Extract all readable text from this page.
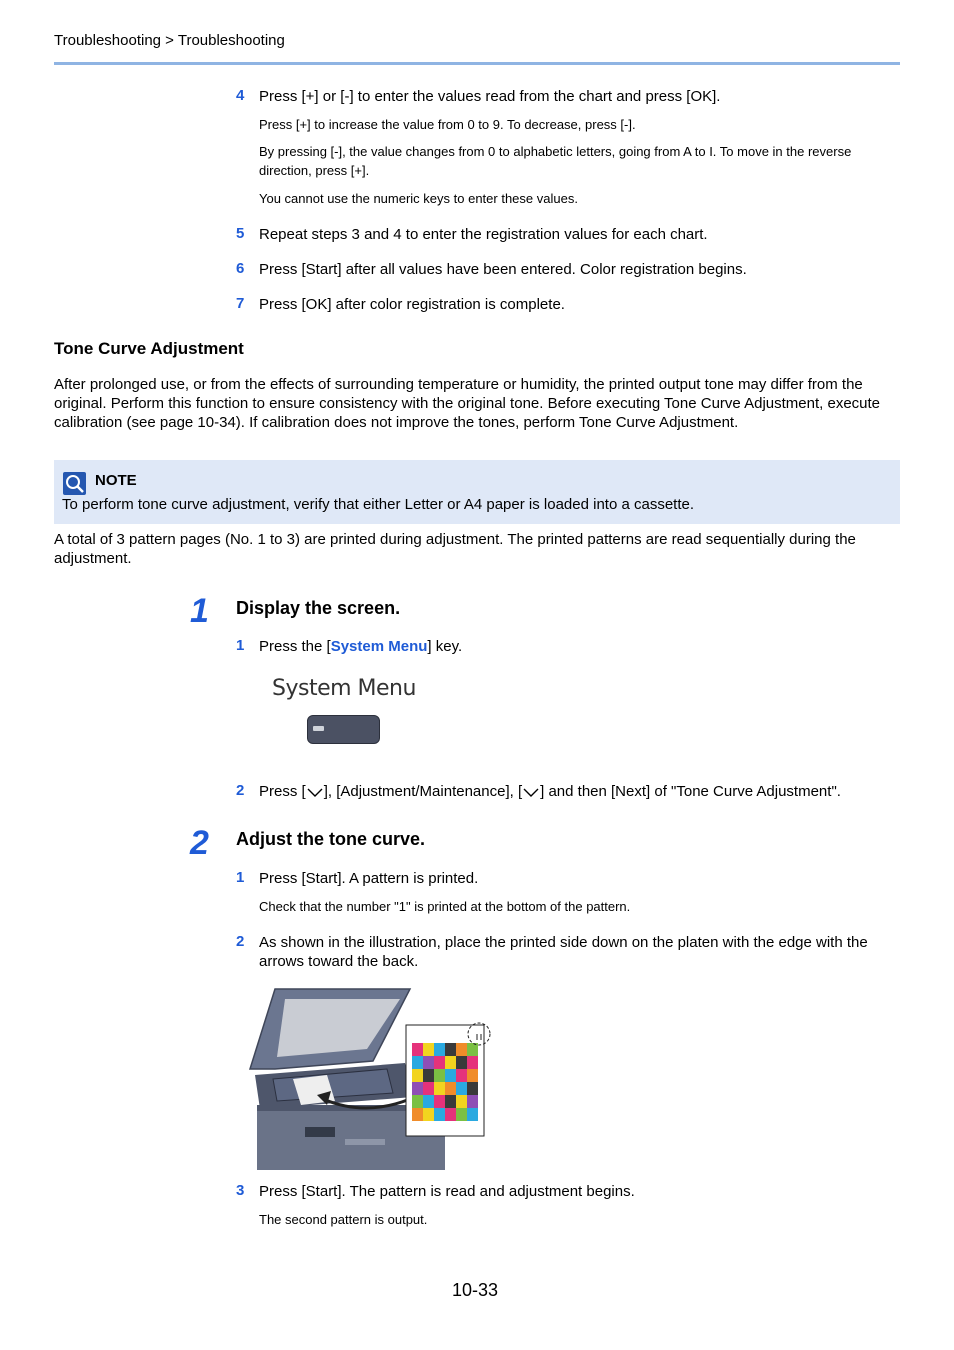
Troubleshooting > Troubleshooting
4 Press [+] or [-] to enter the values read from the chart and press [OK].
Press [+] to increase the value from 0 to 9. To decrease, press [-].
By pressing [-], the value changes from 0 to alphabetic letters, going from A to I. To move in the reverse direction, press [+].
You cannot use the numeric keys to enter these values.
5 Repeat steps 3 and 4 to enter the registration values for each chart.
6 Press [Start] after all values have been entered. Color registration begins.
7 Press [OK] after color registration is complete.
Tone Curve Adjustment
After prolonged use, or from the effects of surrounding temperature or humidity, the printed output tone may differ from the original. Perform this function to ensure consistency with the original tone. Before executing Tone Curve Adjustment, execute calibration (see page 10-34). If calibration does not improve the tones, perform Tone Curve Adjustment.
NOTE
To perform tone curve adjustment, verify that either Letter or A4 paper is loaded into a cassette.
A total of 3 pattern pages (No. 1 to 3) are printed during adjustment. The printed patterns are read sequentially during the adjustment.
1 Display the screen.
1 Press the [System Menu] key.
System Menu
2 Press [ ], [Adjustment/Maintenance], [ ] and then [Next] of "Tone Curve Adjustment".
2 Adjust the tone curve.
1 Press [Start]. A pattern is printed.
Check that the number "1" is printed at the bottom of the pattern.
2 As shown in the illustration, place the printed side down on the platen with the edge with the arrows toward the back.
3 Press [Start]. The pattern is read and adjustment begins.
The second pattern is output.
10-33
